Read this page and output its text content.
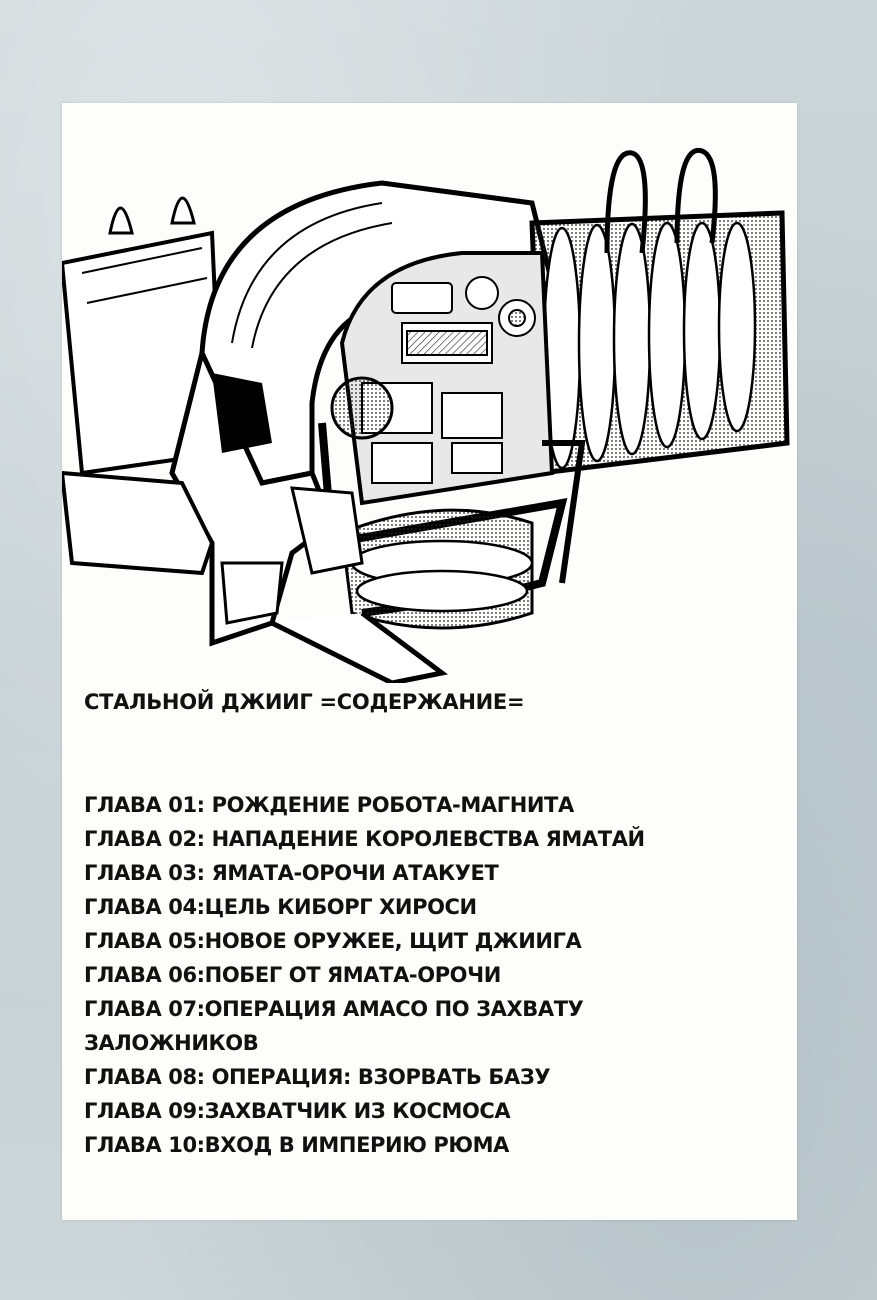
СТАЛЬНОЙ ДЖИИГ =СОДЕРЖАНИЕ=
ГЛАВА 01: РОЖДЕНИЕ РОБОТА-МАГНИТА
ГЛАВА 02: НАПАДЕНИЕ КОРОЛЕВСТВА ЯМАТАЙ
ГЛАВА 03: ЯМАТА-ОРОЧИ АТАКУЕТ
ГЛАВА 04:ЦЕЛЬ КИБОРГ ХИРОСИ
ГЛАВА 05:НОВОЕ ОРУЖЕЕ, ЩИТ ДЖИИГА
ГЛАВА 06:ПОБЕГ ОТ ЯМАТА-ОРОЧИ
ГЛАВА 07:ОПЕРАЦИЯ АМАСО ПО ЗАХВАТУ ЗАЛОЖНИКОВ
ГЛАВА 08: ОПЕРАЦИЯ: ВЗОРВАТЬ БАЗУ
ГЛАВА 09:ЗАХВАТЧИК ИЗ КОСМОСА
ГЛАВА 10:ВХОД В ИМПЕРИЮ РЮМА
